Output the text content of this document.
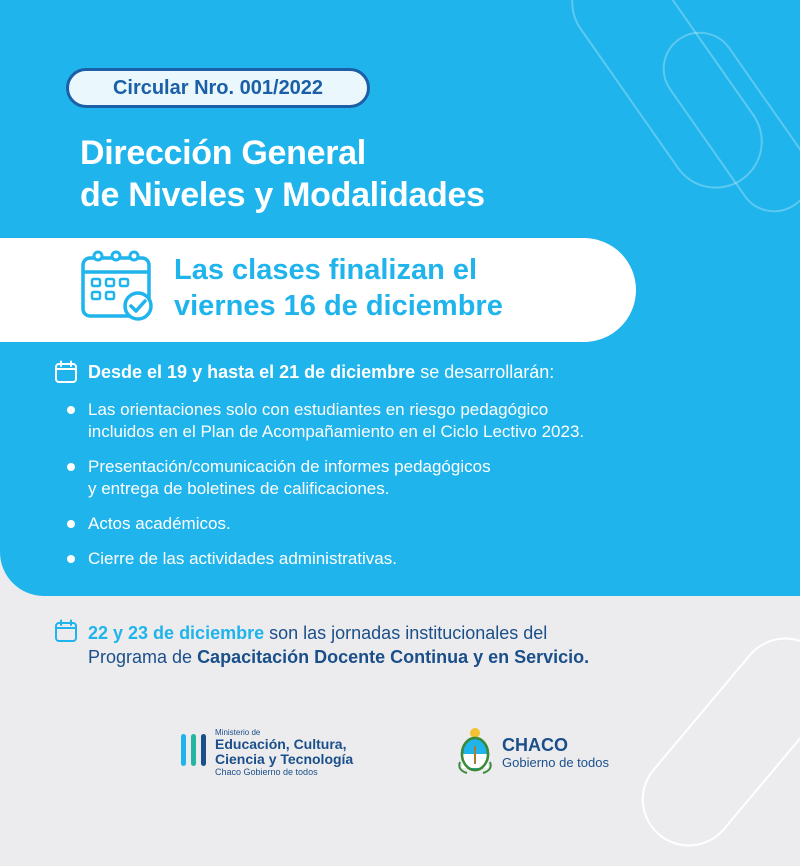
Circular Nro. 001/2022
Dirección General
de Niveles y Modalidades
Las clases finalizan el
viernes 16 de diciembre
Desde el 19 y hasta el 21 de diciembre se desarrollarán:
Las orientaciones solo con estudiantes en riesgo pedagógico
incluidos en el Plan de Acompañamiento en el Ciclo Lectivo 2023.
Presentación/comunicación de informes pedagógicos
y entrega de boletines de calificaciones.
Actos académicos.
Cierre de las actividades administrativas.
22 y 23 de diciembre son las jornadas institucionales del
Programa de Capacitación Docente Continua y en Servicio.
Ministerio de
Educación, Cultura,
Ciencia y Tecnología
Chaco Gobierno de todos
CHACO
Gobierno de todos
